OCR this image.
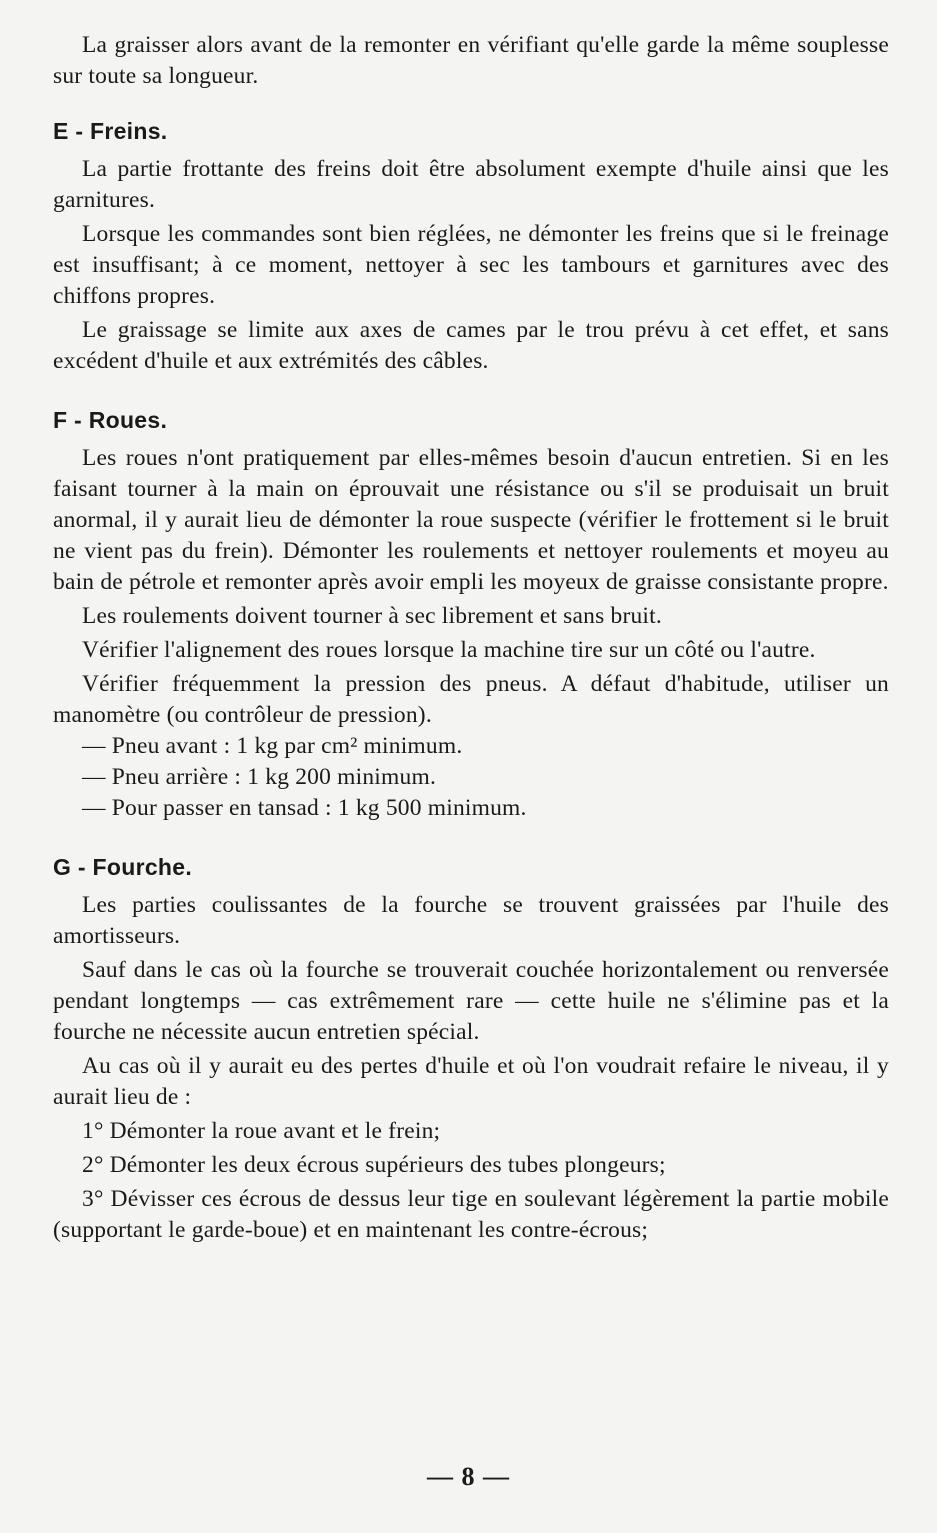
La graisser alors avant de la remonter en vérifiant qu'elle garde la même souplesse sur toute sa longueur.

E - Freins.

La partie frottante des freins doit être absolument exempte d'huile ainsi que les garnitures.

Lorsque les commandes sont bien réglées, ne démonter les freins que si le freinage est insuffisant; à ce moment, nettoyer à sec les tambours et garnitures avec des chiffons propres.

Le graissage se limite aux axes de cames par le trou prévu à cet effet, et sans excédent d'huile et aux extrémités des câbles.

F - Roues.

Les roues n'ont pratiquement par elles-mêmes besoin d'aucun entretien. Si en les faisant tourner à la main on éprouvait une résistance ou s'il se produisait un bruit anormal, il y aurait lieu de démonter la roue suspecte (vérifier le frottement si le bruit ne vient pas du frein). Démonter les roulements et nettoyer roulements et moyeu au bain de pétrole et remonter après avoir empli les moyeux de graisse consistante propre.

Les roulements doivent tourner à sec librement et sans bruit.

Vérifier l'alignement des roues lorsque la machine tire sur un côté ou l'autre.

Vérifier fréquemment la pression des pneus. A défaut d'habitude, utiliser un manomètre (ou contrôleur de pression).

— Pneu avant : 1 kg par cm² minimum.

— Pneu arrière : 1 kg 200 minimum.

— Pour passer en tansad : 1 kg 500 minimum.

G - Fourche.

Les parties coulissantes de la fourche se trouvent graissées par l'huile des amortisseurs.

Sauf dans le cas où la fourche se trouverait couchée horizontalement ou renversée pendant longtemps — cas extrêmement rare — cette huile ne s'élimine pas et la fourche ne nécessite aucun entretien spécial.

Au cas où il y aurait eu des pertes d'huile et où l'on voudrait refaire le niveau, il y aurait lieu de :

1° Démonter la roue avant et le frein;

2° Démonter les deux écrous supérieurs des tubes plongeurs;

3° Dévisser ces écrous de dessus leur tige en soulevant légèrement la partie mobile (supportant le garde-boue) et en maintenant les contre-écrous;

— 8 —
